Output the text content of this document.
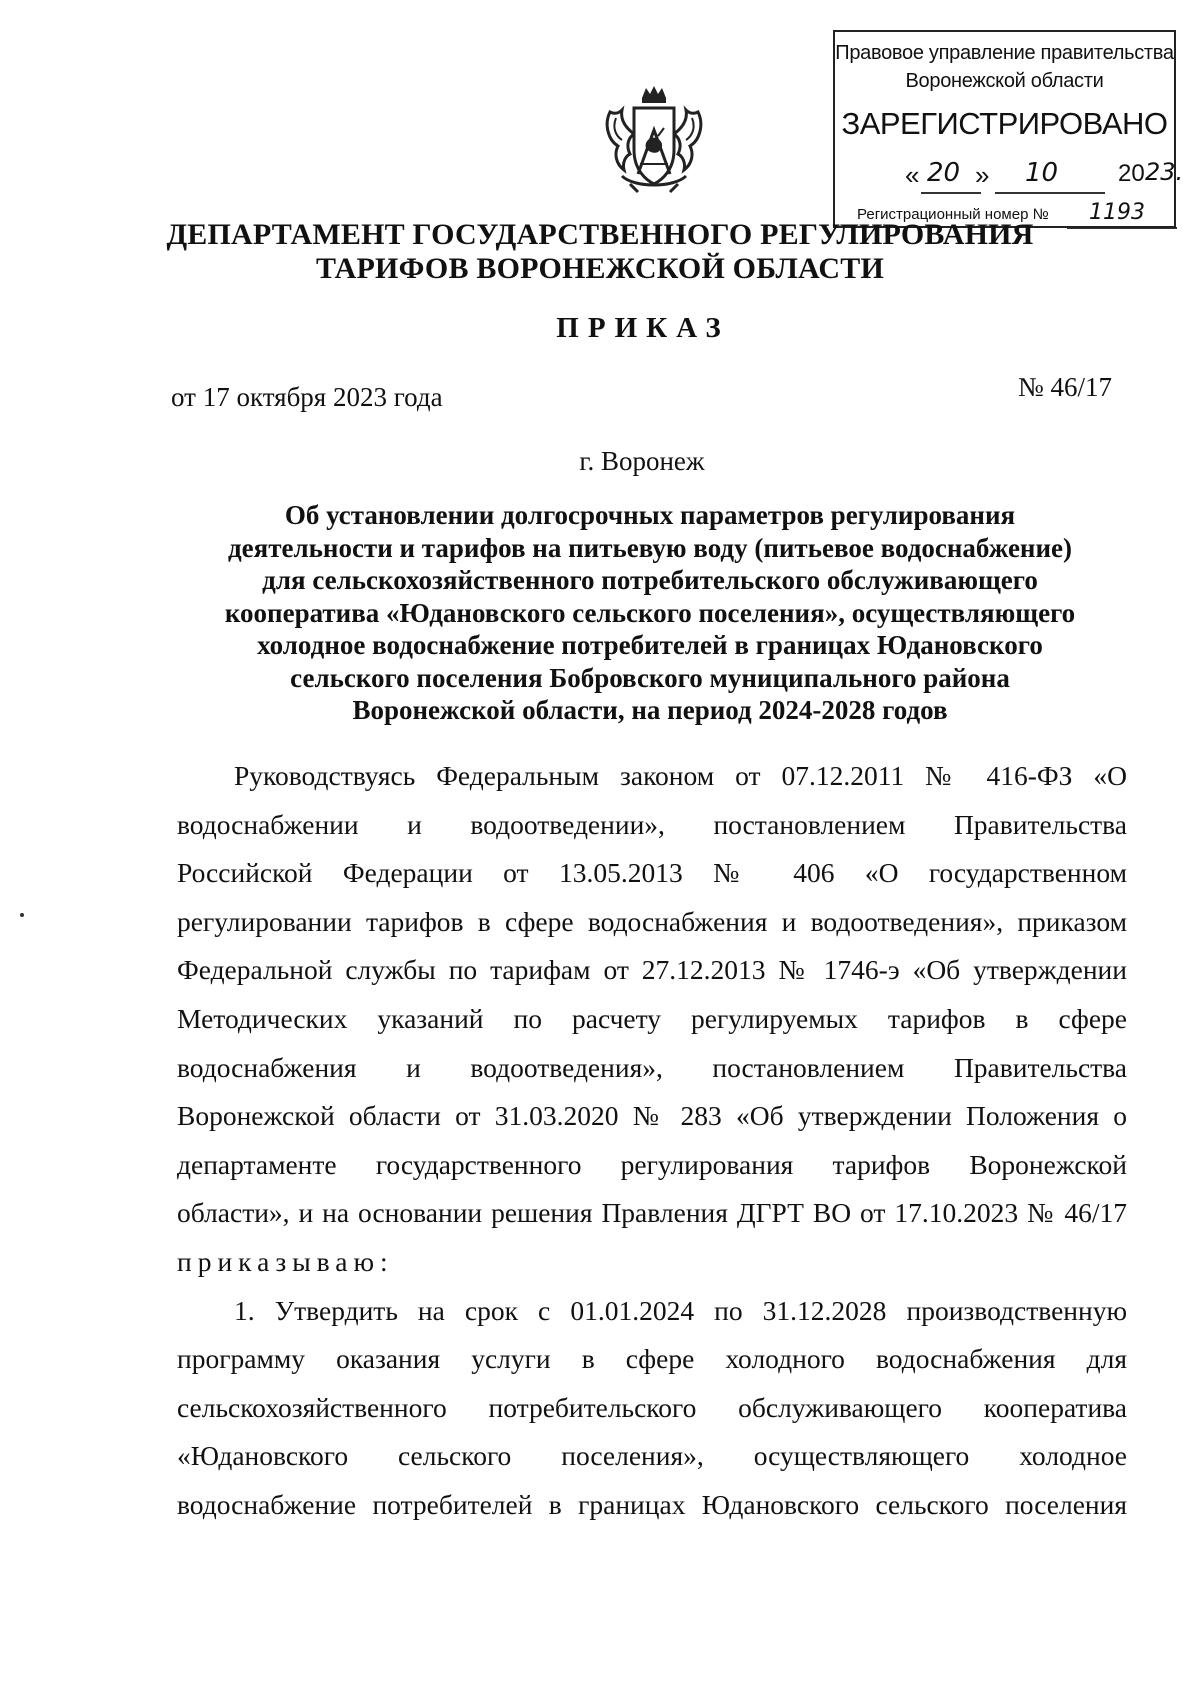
Правовое управление правительства
Воронежской области
ЗАРЕГИСТРИРОВАНО
« 20 » 10 20 23.
Регистрационный номер № 1193
ДЕПАРТАМЕНТ ГОСУДАРСТВЕННОГО РЕГУЛИРОВАНИЯ
ТАРИФОВ ВОРОНЕЖСКОЙ ОБЛАСТИ
ПРИКАЗ
от 17 октября 2023 года	№ 46/17
г. Воронеж
Об установлении долгосрочных параметров регулирования
деятельности и тарифов на питьевую воду (питьевое водоснабжение)
для сельскохозяйственного потребительского обслуживающего
кооператива «Юдановского сельского поселения», осуществляющего
холодное водоснабжение потребителей в границах Юдановского
сельского поселения Бобровского муниципального района
Воронежской области, на период 2024-2028 годов
Руководствуясь Федеральным законом от 07.12.2011 № 416-ФЗ «О
водоснабжении и водоотведении», постановлением Правительства
Российской Федерации от 13.05.2013 № 406 «О государственном
регулировании тарифов в сфере водоснабжения и водоотведения», приказом
Федеральной службы по тарифам от 27.12.2013 № 1746-э «Об утверждении
Методических указаний по расчету регулируемых тарифов в сфере
водоснабжения и водоотведения», постановлением Правительства
Воронежской области от 31.03.2020 № 283 «Об утверждении Положения о
департаменте государственного регулирования тарифов Воронежской
области», и на основании решения Правления ДГРТ ВО от 17.10.2023 № 46/17
приказываю:
1. Утвердить на срок с 01.01.2024 по 31.12.2028 производственную
программу оказания услуги в сфере холодного водоснабжения для
сельскохозяйственного потребительского обслуживающего кооператива
«Юдановского сельского поселения», осуществляющего холодное
водоснабжение потребителей в границах Юдановского сельского поселения
